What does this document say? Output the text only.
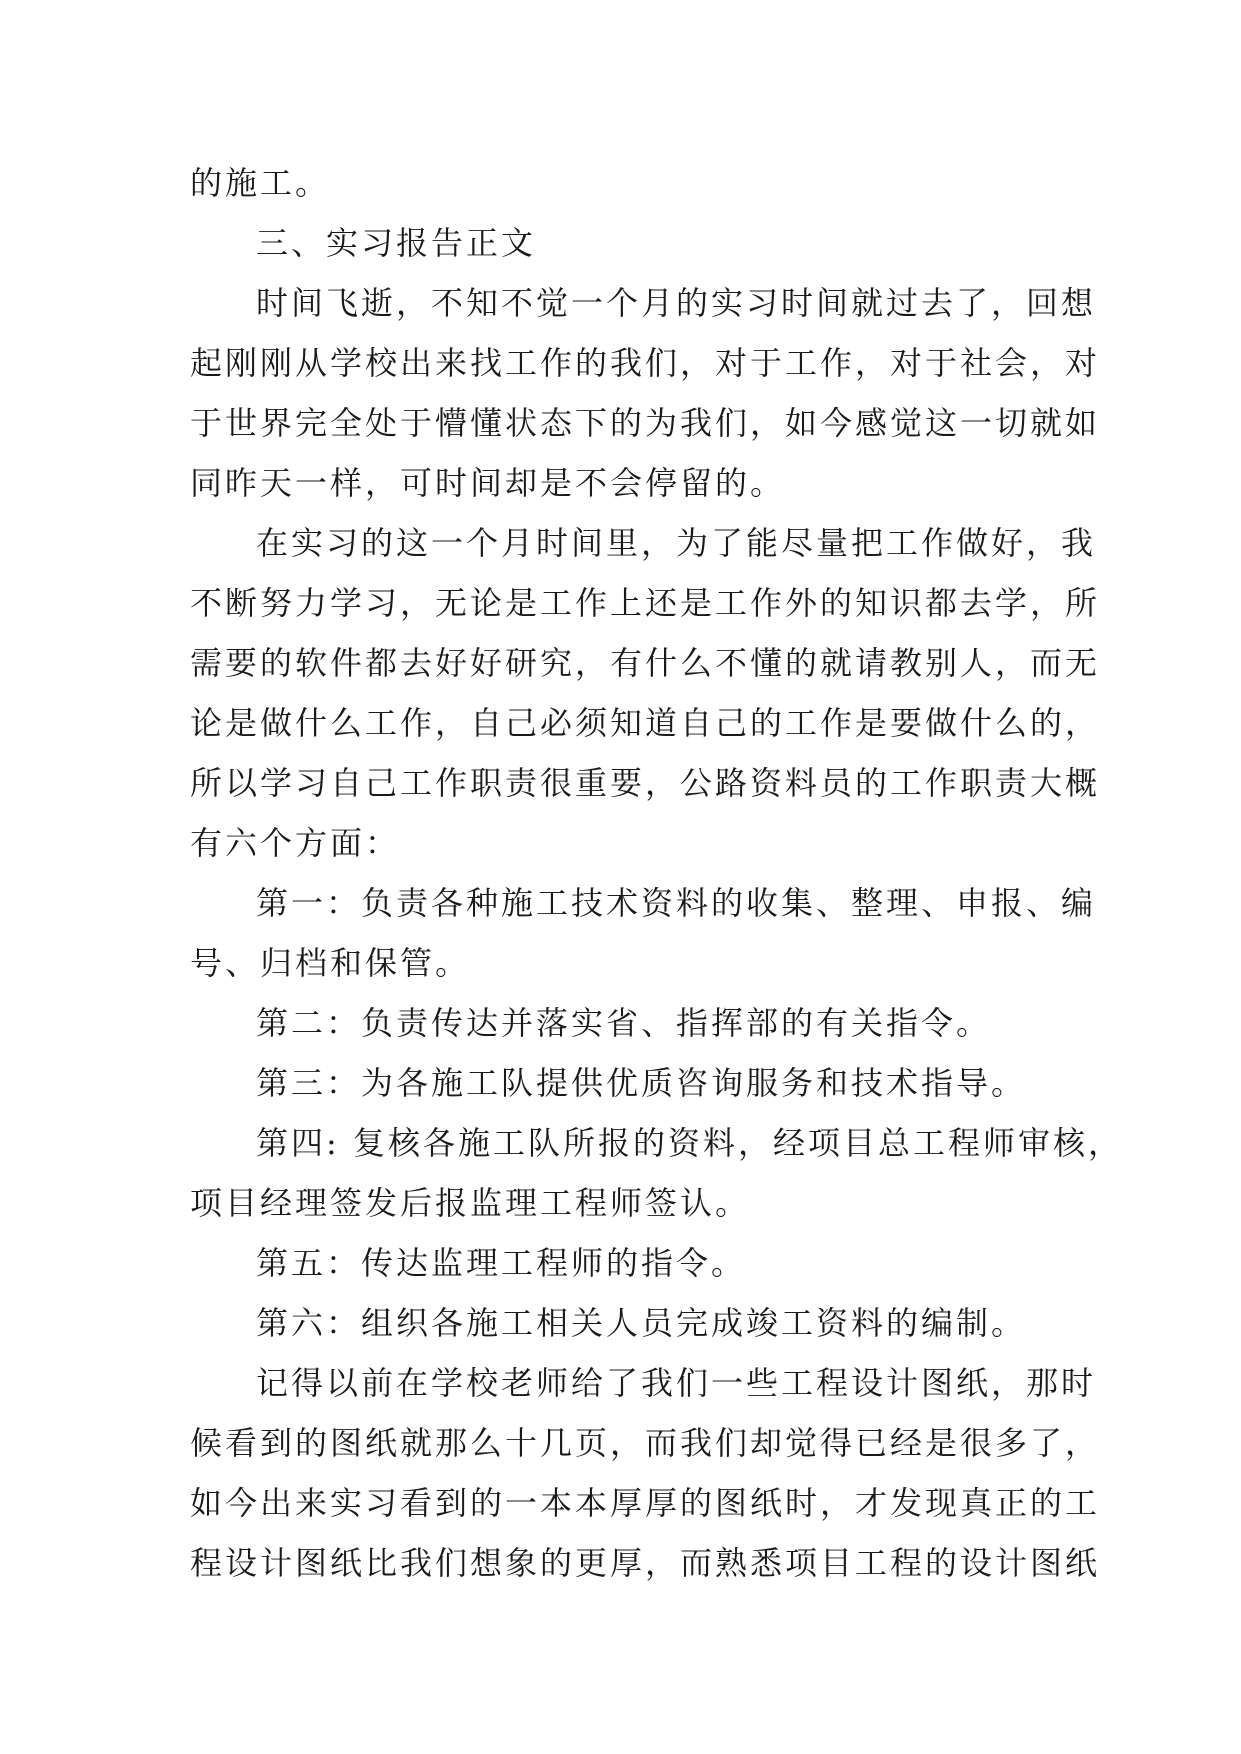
的施工。
三、实习报告正文
时间飞逝，不知不觉一个月的实习时间就过去了，回想
起刚刚从学校出来找工作的我们，对于工作，对于社会，对
于世界完全处于懵懂状态下的为我们，如今感觉这一切就如
同昨天一样，可时间却是不会停留的。
在实习的这一个月时间里，为了能尽量把工作做好，我
不断努力学习，无论是工作上还是工作外的知识都去学，所
需要的软件都去好好研究，有什么不懂的就请教别人，而无
论是做什么工作，自己必须知道自己的工作是要做什么的，
所以学习自己工作职责很重要，公路资料员的工作职责大概
有六个方面：
第一：负责各种施工技术资料的收集、整理、申报、编
号、归档和保管。
第二：负责传达并落实省、指挥部的有关指令。
第三：为各施工队提供优质咨询服务和技术指导。
第四: 复核各施工队所报的资料，经项目总工程师审核，
项目经理签发后报监理工程师签认。
第五：传达监理工程师的指令。
第六：组织各施工相关人员完成竣工资料的编制。
记得以前在学校老师给了我们一些工程设计图纸，那时
候看到的图纸就那么十几页，而我们却觉得已经是很多了，
如今出来实习看到的一本本厚厚的图纸时，才发现真正的工
程设计图纸比我们想象的更厚，而熟悉项目工程的设计图纸
